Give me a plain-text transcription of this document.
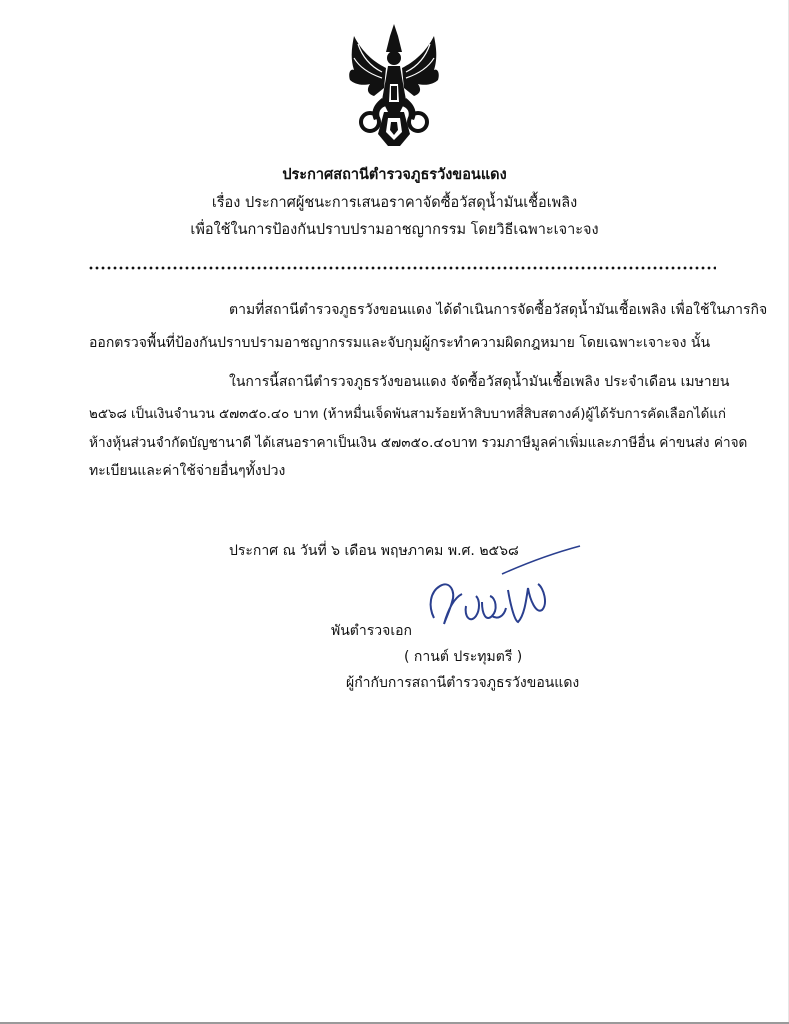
ประกาศสถานีตำรวจภูธรวังขอนแดง
เรื่อง ประกาศผู้ชนะการเสนอราคาจัดซื้อวัสดุน้ำมันเชื้อเพลิง
เพื่อใช้ในการป้องกันปราบปรามอาชญากรรม โดยวิธีเฉพาะเจาะจง
ตามที่สถานีตำรวจภูธรวังขอนแดง ได้ดำเนินการจัดซื้อวัสดุน้ำมันเชื้อเพลิง เพื่อใช้ในภารกิจ
ออกตรวจพื้นที่ป้องกันปราบปรามอาชญากรรมและจับกุมผู้กระทำความผิดกฎหมาย โดยเฉพาะเจาะจง นั้น
ในการนี้สถานีตำรวจภูธรวังขอนแดง จัดซื้อวัสดุน้ำมันเชื้อเพลิง ประจำเดือน เมษายน
๒๕๖๘ เป็นเงินจำนวน ๕๗๓๕๐.๔๐ บาท (ห้าหมื่นเจ็ดพันสามร้อยห้าสิบบาทสี่สิบสตางค์)ผู้ได้รับการคัดเลือกได้แก่
ห้างหุ้นส่วนจำกัดบัญชานาดี ได้เสนอราคาเป็นเงิน ๕๗๓๕๐.๔๐บาท รวมภาษีมูลค่าเพิ่มและภาษีอื่น ค่าขนส่ง ค่าจด
ทะเบียนและค่าใช้จ่ายอื่นๆทั้งปวง
ประกาศ ณ วันที่ ๖ เดือน พฤษภาคม พ.ศ. ๒๕๖๘
พันตำรวจเอก
( กานต์ ประทุมตรี )
ผู้กำกับการสถานีตำรวจภูธรวังขอนแดง
